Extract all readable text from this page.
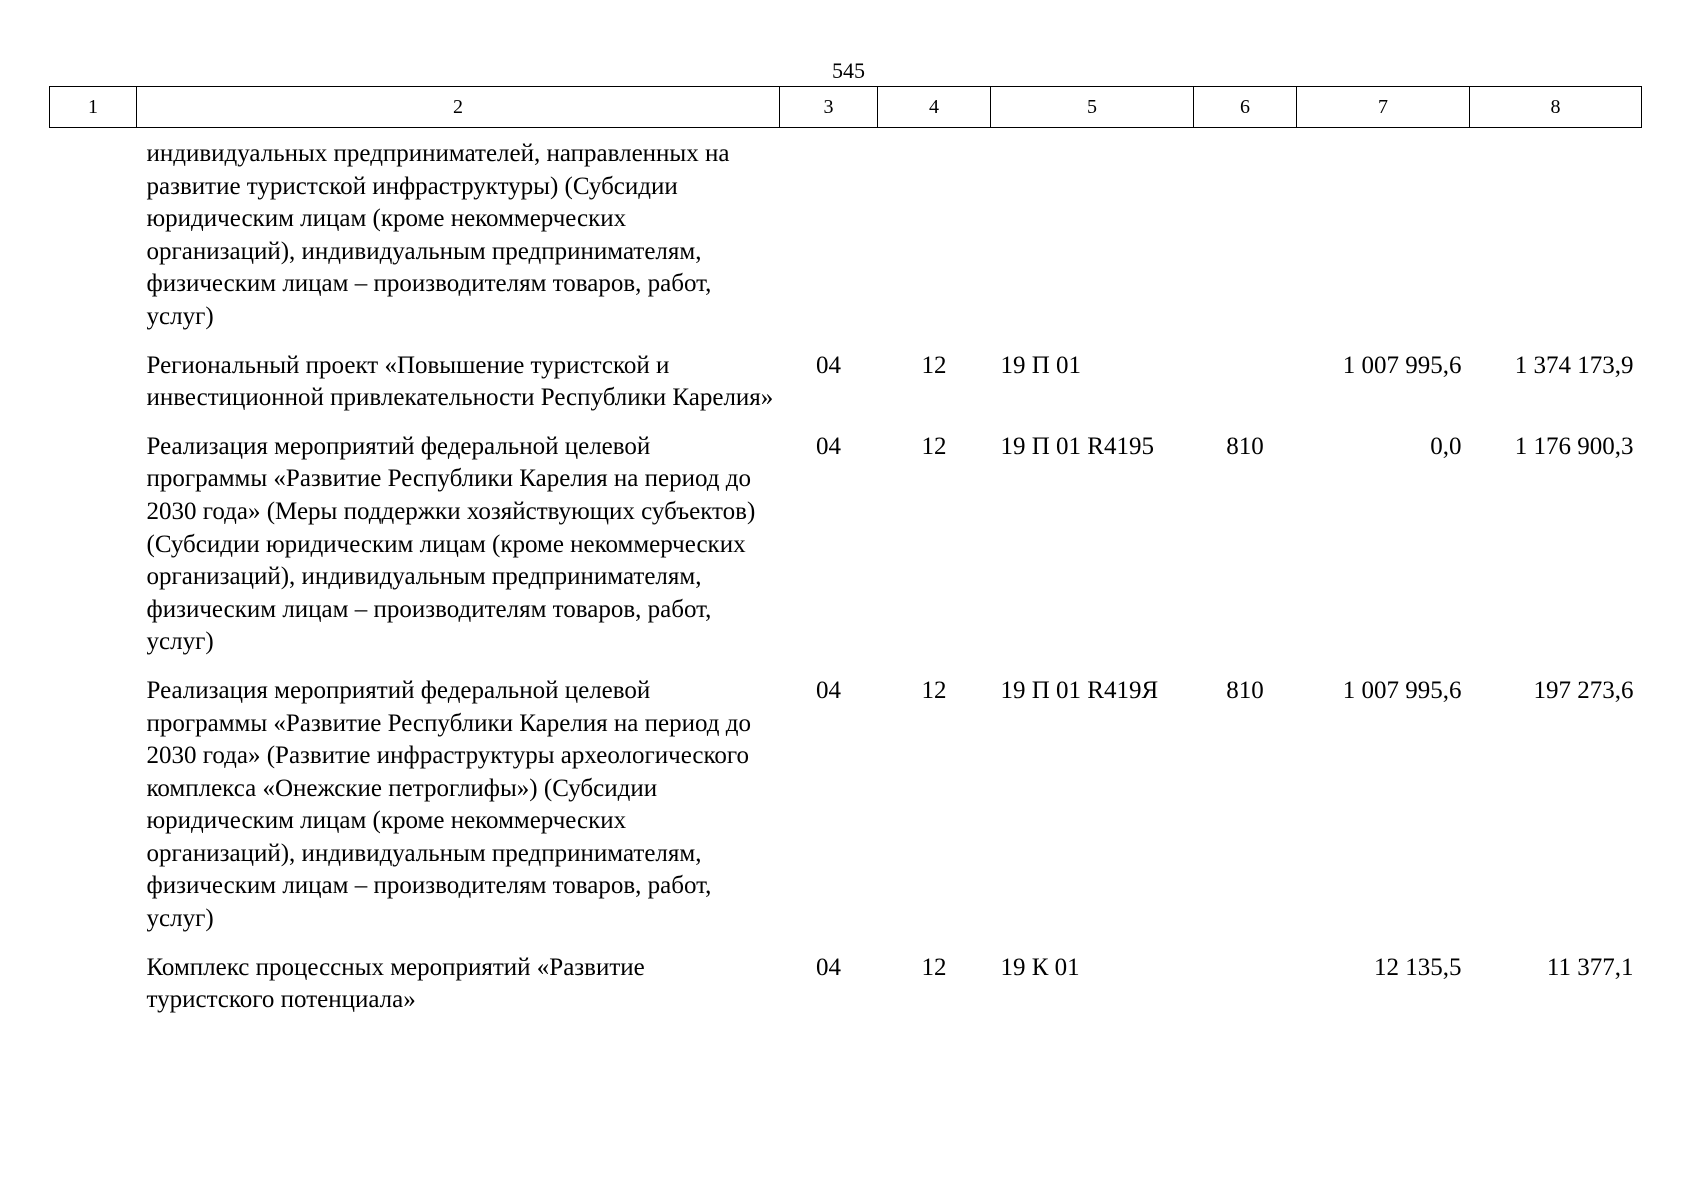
545
1	2	3	4	5	6	7	8
	индивидуальных предпринимателей, направленных на развитие туристской инфраструктуры) (Субсидии юридическим лицам (кроме некоммерческих организаций), индивидуальным предпринимателям, физическим лицам – производителям товаров, работ, услуг)						
	Региональный проект «Повышение туристской и инвестиционной привлекательности Республики Карелия»	04	12	19 П 01		1 007 995,6	1 374 173,9
	Реализация мероприятий федеральной целевой программы «Развитие Республики Карелия на период до 2030 года» (Меры поддержки хозяйствующих субъектов) (Субсидии юридическим лицам (кроме некоммерческих организаций), индивидуальным предпринимателям, физическим лицам – производителям товаров, работ, услуг)	04	12	19 П 01 R4195	810	0,0	1 176 900,3
	Реализация мероприятий федеральной целевой программы «Развитие Республики Карелия на период до 2030 года» (Развитие инфраструктуры археологического комплекса «Онежские петроглифы») (Субсидии юридическим лицам (кроме некоммерческих организаций), индивидуальным предпринимателям, физическим лицам – производителям товаров, работ, услуг)	04	12	19 П 01 R419Я	810	1 007 995,6	197 273,6
	Комплекс процессных мероприятий «Развитие туристского потенциала»	04	12	19 К 01		12 135,5	11 377,1
